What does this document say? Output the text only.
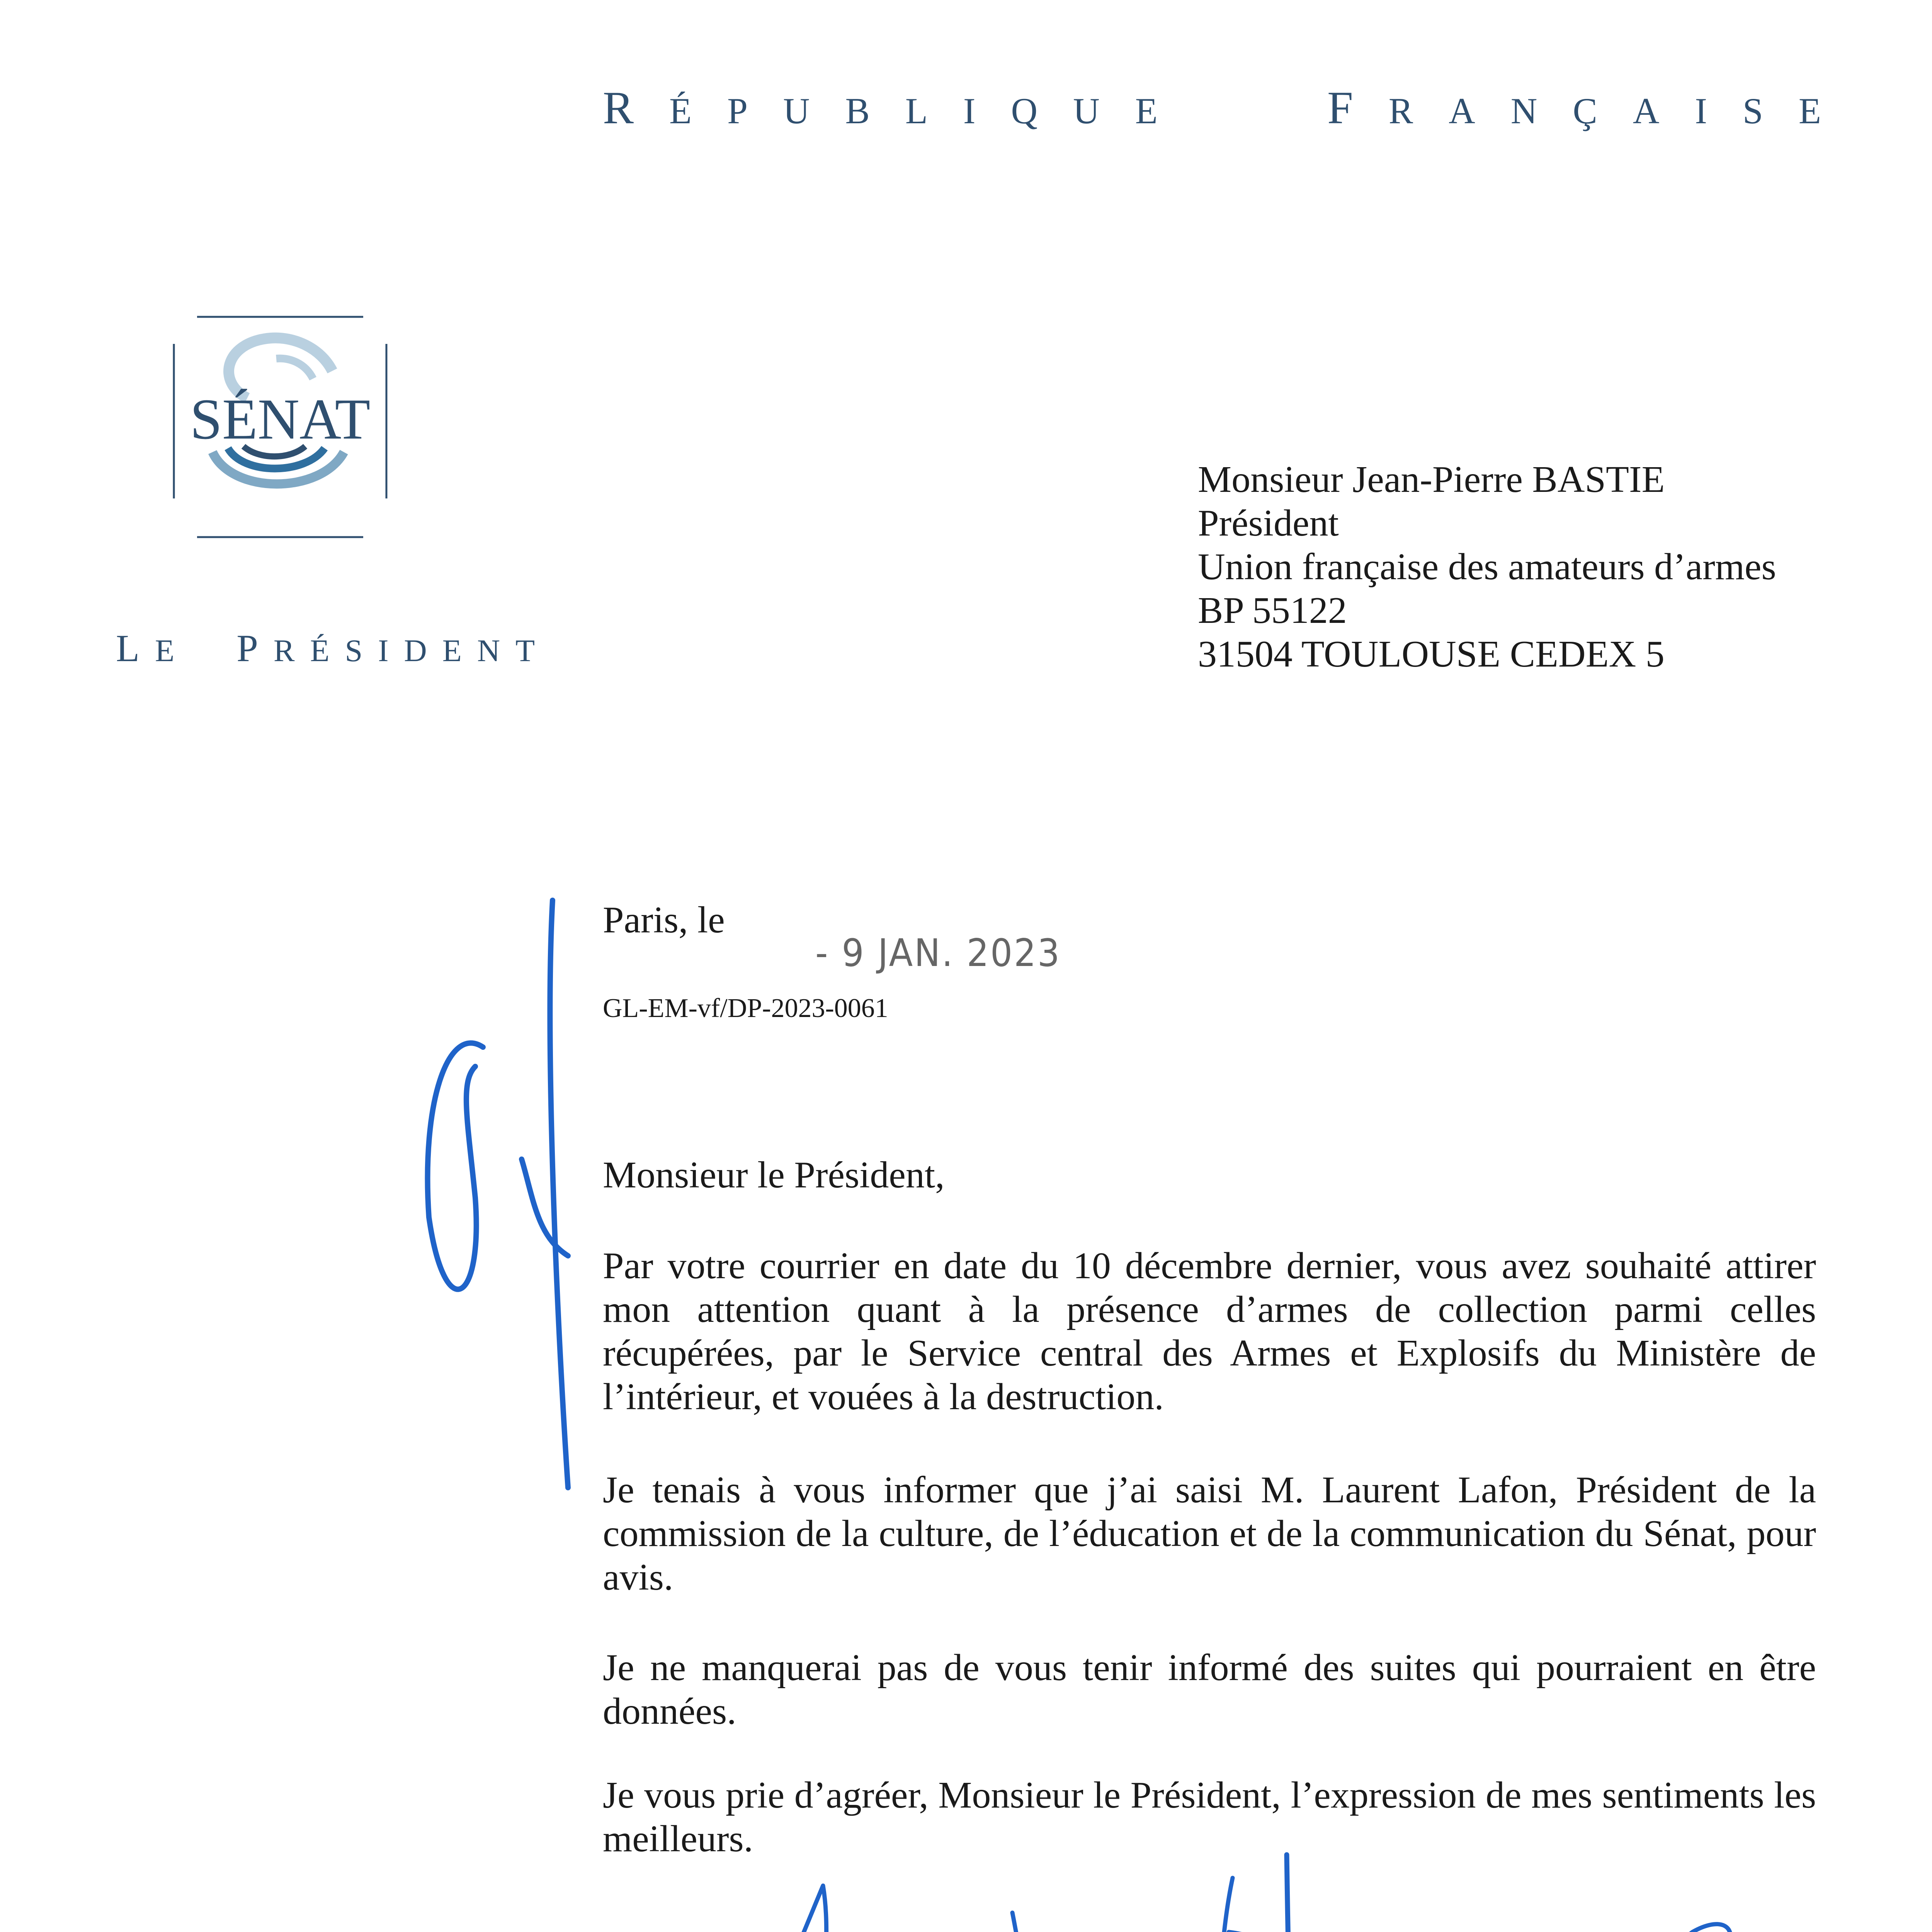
RÉPUBLIQUE	FRANÇAISE
SÉNAT
LE PRÉSIDENT
Monsieur Jean-Pierre BASTIE
Président
Union française des amateurs d’armes
BP 55122
31504 TOULOUSE CEDEX 5
Paris, le
- 9 JAN. 2023
GL-EM-vf/DP-2023-0061
Monsieur le Président,
Par votre courrier en date du 10 décembre dernier, vous avez souhaité attirer mon attention quant à la présence d’armes de collection parmi celles récupérées, par le Service central des Armes et Explosifs du Ministère de l’intérieur, et vouées à la destruction.
Je tenais à vous informer que j’ai saisi M. Laurent Lafon, Président de la commission de la culture, de l’éducation et de la communication du Sénat, pour avis.
Je ne manquerai pas de vous tenir informé des suites qui pourraient en être données.
Je vous prie d’agréer, Monsieur le Président, l’expression de mes sentiments les meilleurs.
